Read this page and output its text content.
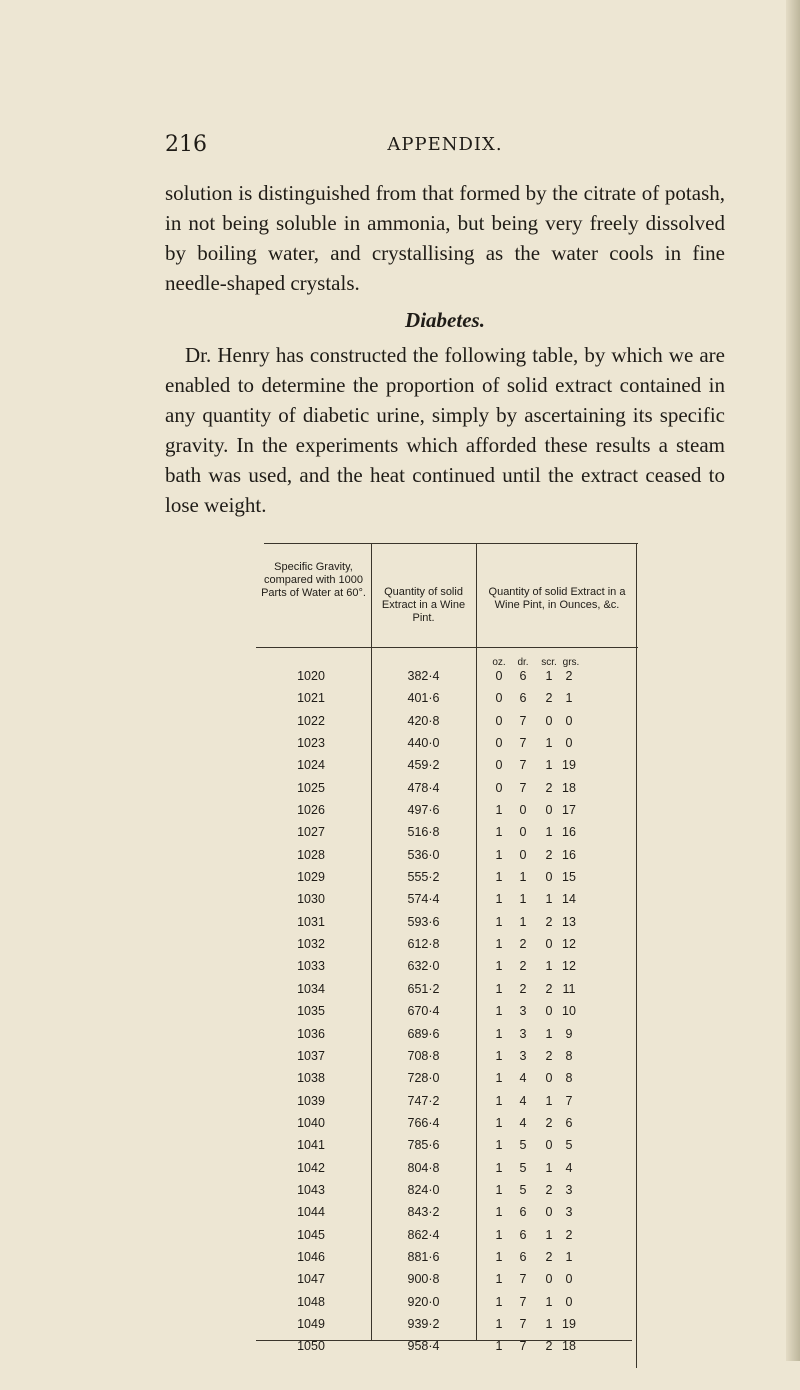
216	APPENDIX.

solution is distinguished from that formed by the citrate of potash, in not being soluble in ammonia, but being very freely dissolved by boiling water, and crystallising as the water cools in fine needle-shaped crystals.

Diabetes.

Dr. Henry has constructed the following table, by which we are enabled to determine the proportion of solid extract contained in any quantity of diabetic urine, simply by ascertaining its specific gravity. In the experiments which afforded these results a steam bath was used, and the heat continued until the extract ceased to lose weight.

Specific Gravity, compared with 1000 Parts of Water at 60°.	Quantity of solid Extract in a Wine Pint.
Quantity of solid Extract in a Wine Pint, in Ounces, &c.
oz.	dr.	scr. grs.
1020	382·4	0	6	1	2
1021	401·6	0	6	2	1
1022	420·8	0	7	0	0
1023	440·0	0	7	1	0
1024	459·2	0	7	1 19
1025	478·4	0	7	2 18
1026	497·6	1	0	0 17
1027	516·8	1	0	1 16
1028	536·0	1	0	2 16
1029	555·2	1	1	0 15
1030	574·4	1	1	1 14
1031	593·6	1	1	2 13
1032	612·8	1	2	0 12
1033	632·0	1	2	1 12
1034	651·2	1	2	2 11
1035	670·4	1	3	0 10
1036	689·6	1	3	1	9
1037	708·8	1	3	2	8
1038	728·0	1	4	0	8
1039	747·2	1	4	1	7
1040	766·4	1	4	2	6
1041	785·6	1	5	0	5
1042	804·8	1	5	1	4
1043	824·0	1	5	2	3
1044	843·2	1	6	0	3
1045	862·4	1	6	1	2
1046	881·6	1	6	2	1
1047	900·8	1	7	0	0
1048	920·0	1	7	1	0
1049	939·2	1	7	1 19
1050	958·4	1	7	2 18
